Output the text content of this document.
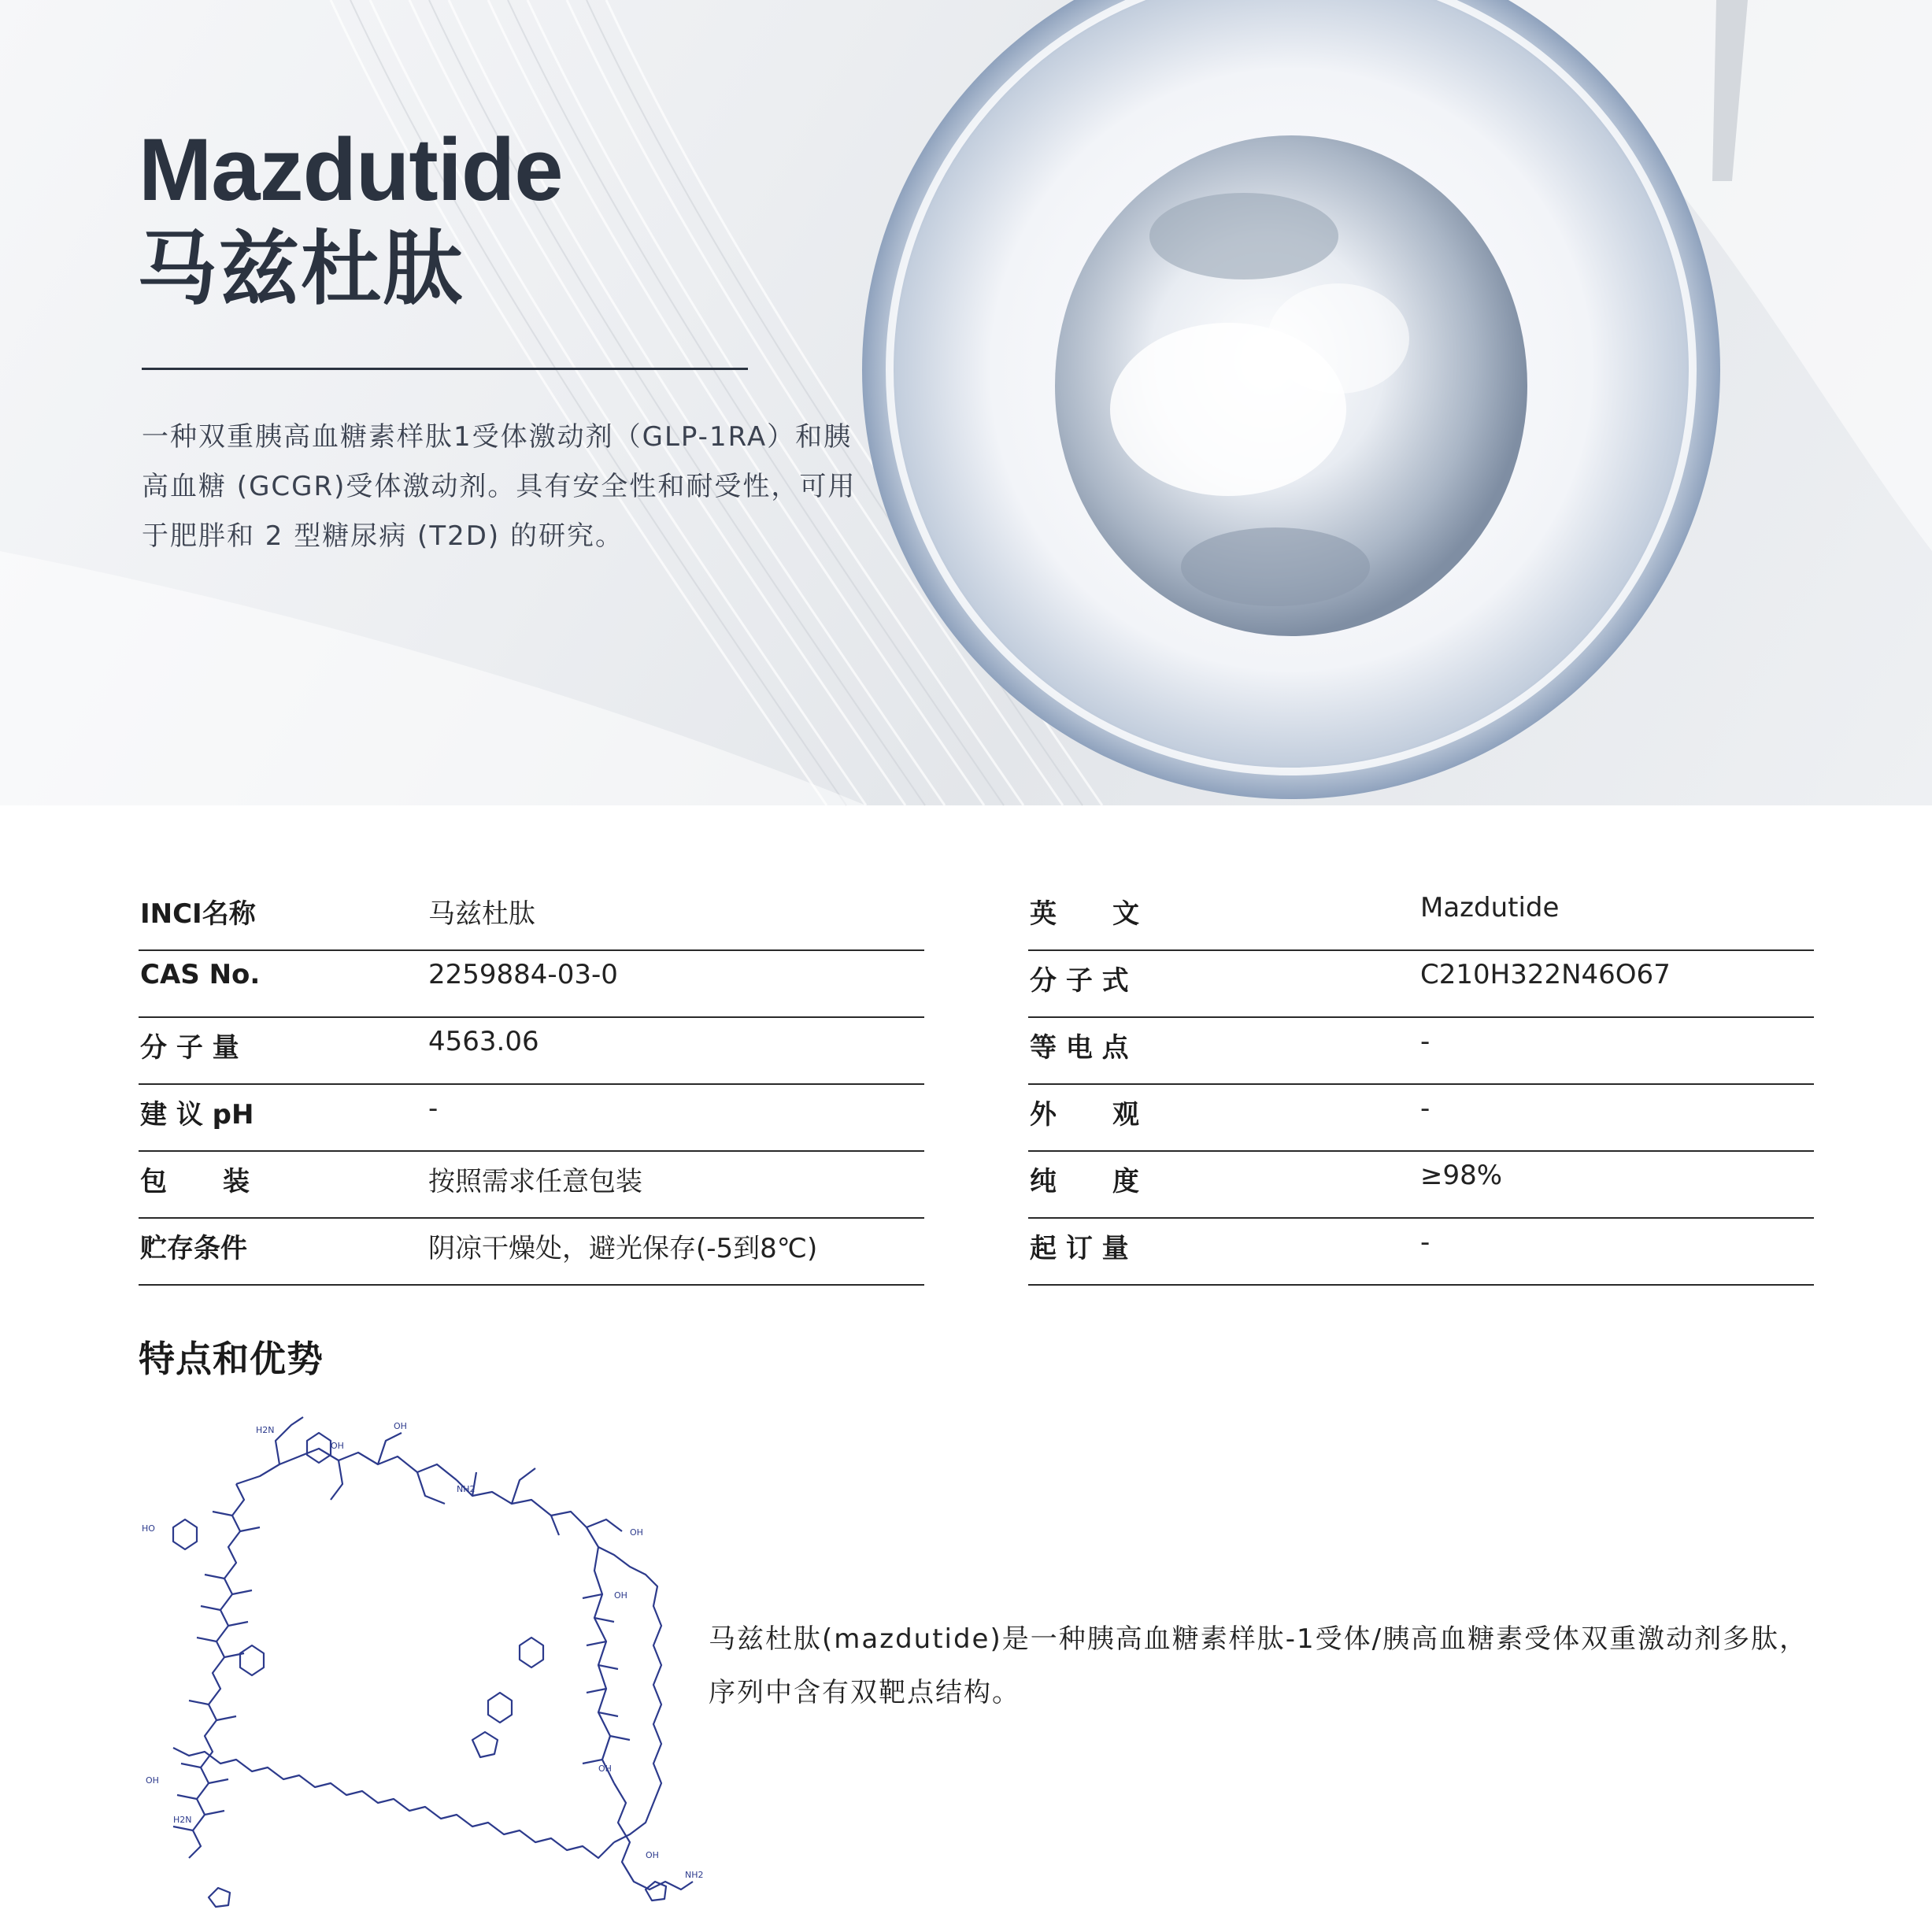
Mazdutide
马兹杜肽

一种双重胰高血糖素样肽1受体激动剂（GLP-1RA）和胰高血糖 (GCGR)受体激动剂。具有安全性和耐受性，可用于肥胖和 2 型糖尿病 (T2D) 的研究。

INCI名称	马兹杜肽
CAS No.	2259884-03-0
分 子 量	4563.06
建 议 pH	-
包      装	按照需求任意包装
贮存条件	阴凉干燥处，避光保存(-5到8℃)
英      文	Mazdutide
分 子 式	C210H322N46O67
等 电 点	-
外      观	-
纯      度	≥98%
起 订 量	-
特点和优势
HO
H2N
OH
OH
NH2
OH
H2N
OH
OH
OH
NH2
OH

马兹杜肽(mazdutide)是一种胰高血糖素样肽-1受体/胰高血糖素受体双重激动剂多肽，序列中含有双靶点结构。
